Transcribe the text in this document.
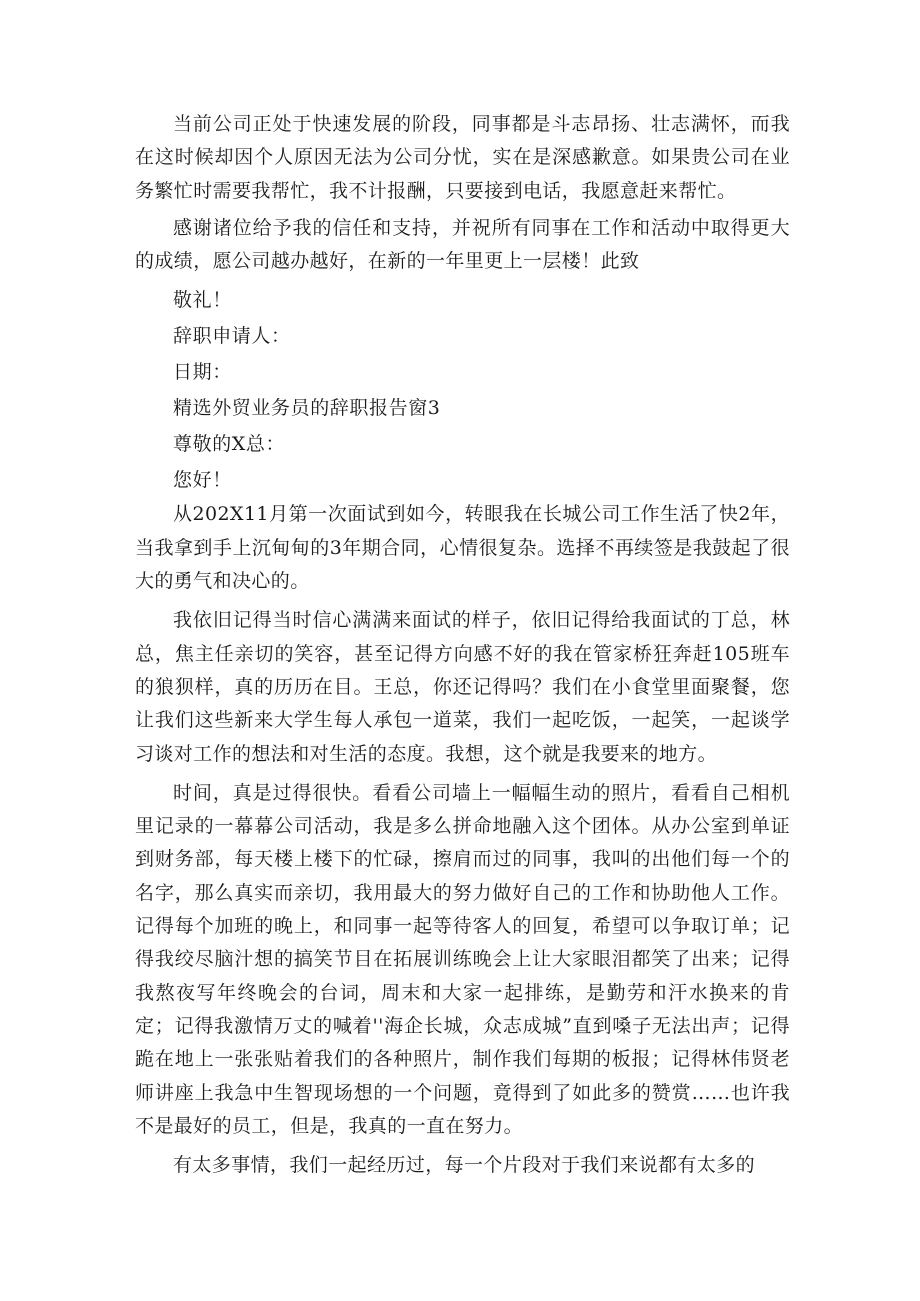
当前公司正处于快速发展的阶段，同事都是斗志昂扬、壮志满怀，而我在这时候却因个人原因无法为公司分忧，实在是深感歉意。如果贵公司在业务繁忙时需要我帮忙，我不计报酬，只要接到电话，我愿意赶来帮忙。

感谢诸位给予我的信任和支持，并祝所有同事在工作和活动中取得更大的成绩，愿公司越办越好，在新的一年里更上一层楼！此致

敬礼！

辞职申请人：

日期：

精选外贸业务员的辞职报告窗3

尊敬的X总：

您好！

从202X11月第一次面试到如今，转眼我在长城公司工作生活了快2年，当我拿到手上沉甸甸的3年期合同，心情很复杂。选择不再续签是我鼓起了很大的勇气和决心的。

我依旧记得当时信心满满来面试的样子，依旧记得给我面试的丁总，林总，焦主任亲切的笑容，甚至记得方向感不好的我在管家桥狂奔赶105班车的狼狈样，真的历历在目。王总，你还记得吗？我们在小食堂里面聚餐，您让我们这些新来大学生每人承包一道菜，我们一起吃饭，一起笑，一起谈学习谈对工作的想法和对生活的态度。我想，这个就是我要来的地方。

时间，真是过得很快。看看公司墙上一幅幅生动的照片，看看自己相机里记录的一幕幕公司活动，我是多么拼命地融入这个团体。从办公室到单证到财务部，每天楼上楼下的忙碌，擦肩而过的同事，我叫的出他们每一个的名字，那么真实而亲切，我用最大的努力做好自己的工作和协助他人工作。记得每个加班的晚上，和同事一起等待客人的回复，希望可以争取订单；记得我绞尽脑汁想的搞笑节目在拓展训练晚会上让大家眼泪都笑了出来；记得我熬夜写年终晚会的台词，周末和大家一起排练，是勤劳和汗水换来的肯定；记得我激情万丈的喊着''海企长城，众志成城”直到嗓子无法出声；记得跪在地上一张张贴着我们的各种照片，制作我们每期的板报；记得林伟贤老师讲座上我急中生智现场想的一个问题，竟得到了如此多的赞赏……也许我不是最好的员工，但是，我真的一直在努力。

有太多事情，我们一起经历过，每一个片段对于我们来说都有太多的
